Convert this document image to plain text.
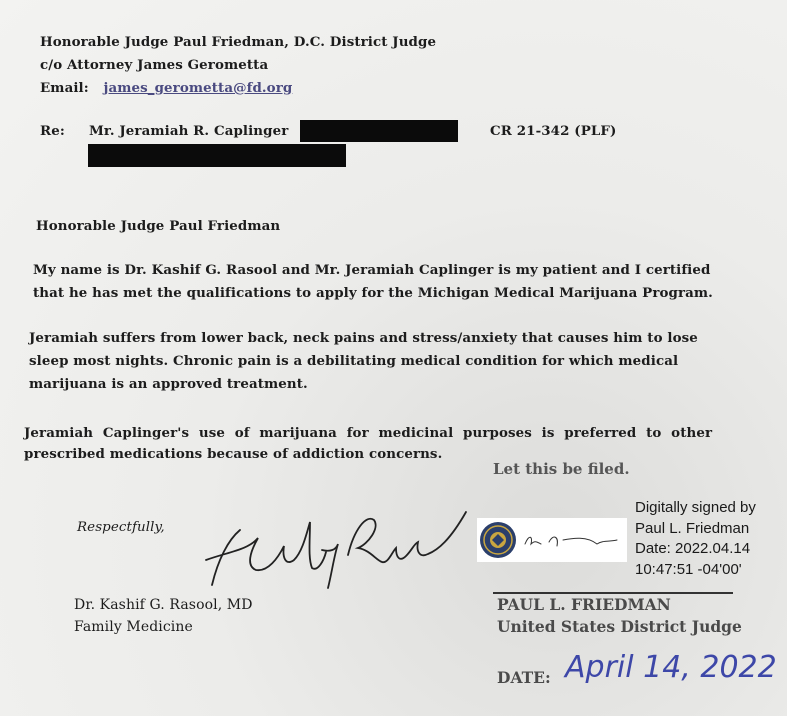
Honorable Judge Paul Friedman, D.C. District Judge
c/o Attorney James Gerometta
Email: james_gerometta@fd.org
Re: Mr. Jeramiah R. Caplinger	CR 21-342 (PLF)
Honorable Judge Paul Friedman
My name is Dr. Kashif G. Rasool and Mr. Jeramiah Caplinger is my patient and I certified
that he has met the qualifications to apply for the Michigan Medical Marijuana Program.
Jeramiah suffers from lower back, neck pains and stress/anxiety that causes him to lose
sleep most nights. Chronic pain is a debilitating medical condition for which medical
marijuana is an approved treatment.
Jeramiah Caplinger's use of marijuana for medicinal purposes is preferred to other
prescribed medications because of addiction concerns.
Let this be filed.
Respectfully,
Dr. Kashif G. Rasool, MD
Family Medicine
Digitally signed by
Paul L. Friedman
Date: 2022.04.14
10:47:51 -04'00'
PAUL L. FRIEDMAN
United States District Judge
DATE: April 14, 2022
